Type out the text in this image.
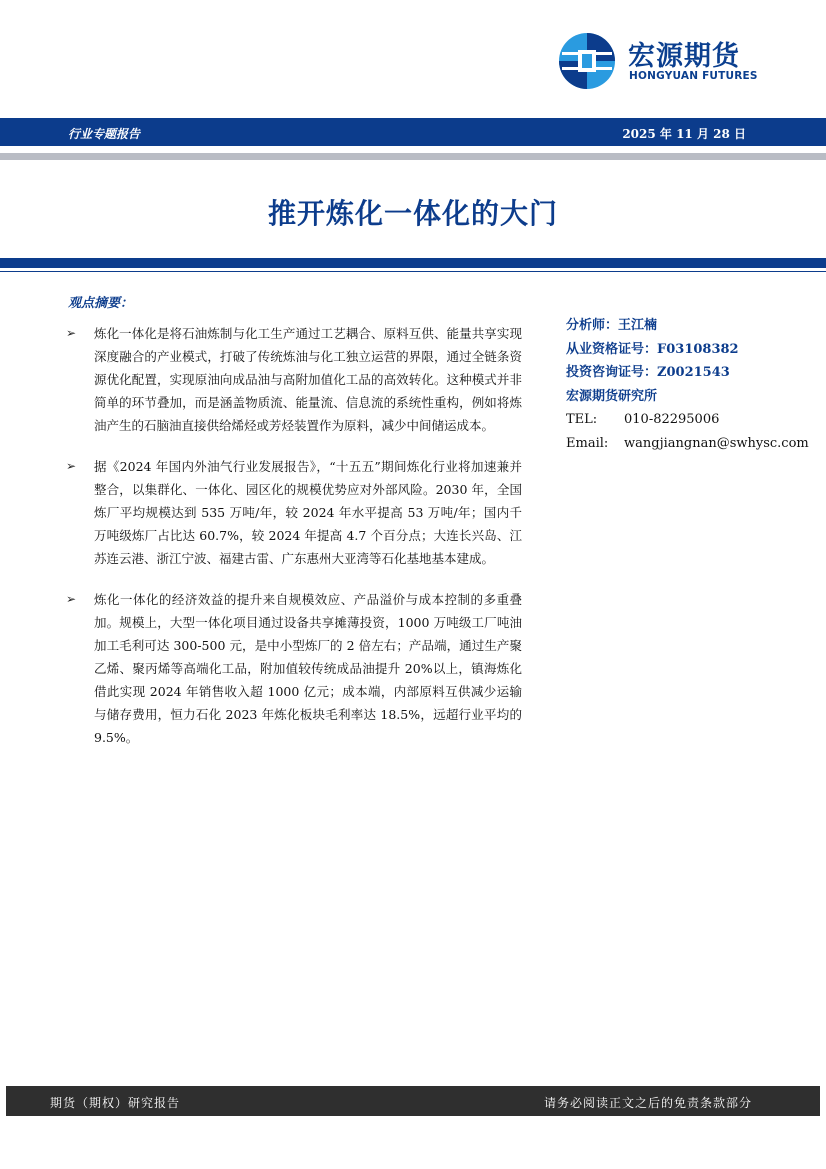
宏源期货
HONGYUAN FUTURES
行业专题报告	2025 年 11 月 28 日
推开炼化一体化的大门
观点摘要：
➢ 炼化一体化是将石油炼制与化工生产通过工艺耦合、原料互供、能量共享实现深度融合的产业模式，打破了传统炼油与化工独立运营的界限，通过全链条资源优化配置，实现原油向成品油与高附加值化工品的高效转化。这种模式并非简单的环节叠加，而是涵盖物质流、能量流、信息流的系统性重构，例如将炼油产生的石脑油直接供给烯烃或芳烃装置作为原料，减少中间储运成本。
➢ 据《2024 年国内外油气行业发展报告》，“十五五”期间炼化行业将加速兼并整合，以集群化、一体化、园区化的规模优势应对外部风险。2030 年，全国炼厂平均规模达到 535 万吨/年，较 2024 年水平提高 53 万吨/年；国内千万吨级炼厂占比达 60.7%，较 2024 年提高 4.7 个百分点；大连长兴岛、江苏连云港、浙江宁波、福建古雷、广东惠州大亚湾等石化基地基本建成。
➢ 炼化一体化的经济效益的提升来自规模效应、产品溢价与成本控制的多重叠加。规模上，大型一体化项目通过设备共享摊薄投资，1000 万吨级工厂吨油加工毛利可达 300-500 元，是中小型炼厂的 2 倍左右；产品端，通过生产聚乙烯、聚丙烯等高端化工品，附加值较传统成品油提升 20%以上，镇海炼化借此实现 2024 年销售收入超 1000 亿元；成本端，内部原料互供减少运输与储存费用，恒力石化 2023 年炼化板块毛利率达 18.5%，远超行业平均的 9.5%。
分析师：王江楠
从业资格证号：F03108382
投资咨询证号：Z0021543
宏源期货研究所
TEL: 010-82295006
Email: wangjiangnan@swhysc.com
期货（期权）研究报告	请务必阅读正文之后的免责条款部分
